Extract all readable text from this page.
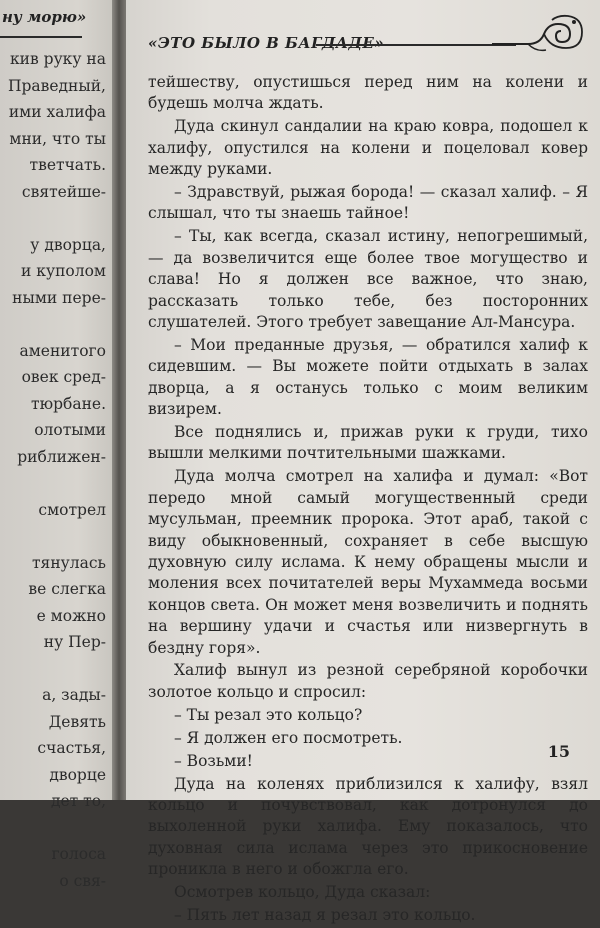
ну морю»
кив руку на
Праведный,
ими халифа
мни, что ты
тветчать.
святейше-
у дворца,
и куполом
ными пере-
аменитого
овек сред-
тюрбане.
олотыми
риближен-
смотрел
тянулась
ве слегка
е можно
ну Пер-
а, зады-
Девять
счастья,
дворце
дет то,
голоса
о свя-
«ЭТО БЫЛО В БАГДАДЕ»

тейшеству, опустишься перед ним на колени и будешь молча ждать.

Дуда скинул сандалии на краю ковра, подошел к халифу, опустился на колени и поцеловал ковер между руками.

– Здравствуй, рыжая борода! — сказал халиф. – Я слышал, что ты знаешь тайное!

– Ты, как всегда, сказал истину, непогрешимый, — да возвеличится еще более твое могущество и слава! Но я должен все важное, что знаю, рассказать только тебе, без посторонних слушателей. Этого требует завещание Ал-Мансура.

– Мои преданные друзья, — обратился халиф к сидевшим. — Вы можете пойти отдыхать в залах дворца, а я останусь только с моим великим визирем.

Все поднялись и, прижав руки к груди, тихо вышли мелкими почтительными шажками.

Дуда молча смотрел на халифа и думал: «Вот передо мной самый могущественный среди мусульман, преемник пророка. Этот араб, такой с виду обыкновенный, сохраняет в себе высшую духовную силу ислама. К нему обращены мысли и моления всех почитателей веры Мухаммеда восьми концов света. Он может меня возвеличить и поднять на вершину удачи и счастья или низвергнуть в бездну горя».

Халиф вынул из резной серебряной коробочки золотое кольцо и спросил:

– Ты резал это кольцо?

– Я должен его посмотреть.

– Возьми!

Дуда на коленях приблизился к халифу, взял кольцо и почувствовал, как дотронулся до выхоленной руки халифа. Ему показалось, что духовная сила ислама через это прикосновение проникла в него и обожгла его.

Осмотрев кольцо, Дуда сказал:

– Пять лет назад я резал это кольцо.

15
